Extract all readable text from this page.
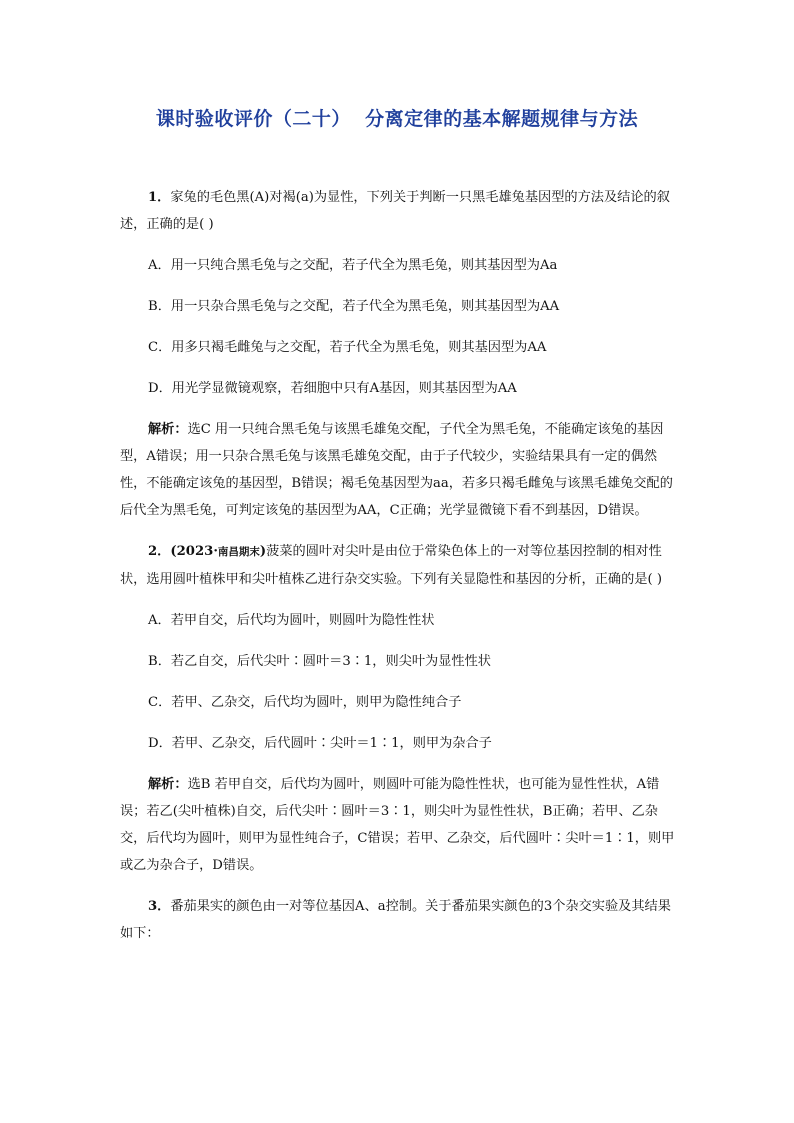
课时验收评价（二十）  分离定律的基本解题规律与方法

1．家兔的毛色黑(A)对褐(a)为显性，下列关于判断一只黑毛雄兔基因型的方法及结论的叙述，正确的是( )

A．用一只纯合黑毛兔与之交配，若子代全为黑毛兔，则其基因型为Aa

B．用一只杂合黑毛兔与之交配，若子代全为黑毛兔，则其基因型为AA

C．用多只褐毛雌兔与之交配，若子代全为黑毛兔，则其基因型为AA

D．用光学显微镜观察，若细胞中只有A基因，则其基因型为AA

解析：选C 用一只纯合黑毛兔与该黑毛雄兔交配，子代全为黑毛兔，不能确定该兔的基因型，A错误；用一只杂合黑毛兔与该黑毛雄兔交配，由于子代较少，实验结果具有一定的偶然性，不能确定该兔的基因型，B错误；褐毛兔基因型为aa，若多只褐毛雌兔与该黑毛雄兔交配的后代全为黑毛兔，可判定该兔的基因型为AA，C正确；光学显微镜下看不到基因，D错误。

2．(2023·南昌期末)菠菜的圆叶对尖叶是由位于常染色体上的一对等位基因控制的相对性状，选用圆叶植株甲和尖叶植株乙进行杂交实验。下列有关显隐性和基因的分析，正确的是( )

A．若甲自交，后代均为圆叶，则圆叶为隐性性状

B．若乙自交，后代尖叶∶圆叶＝3∶1，则尖叶为显性性状

C．若甲、乙杂交，后代均为圆叶，则甲为隐性纯合子

D．若甲、乙杂交，后代圆叶∶尖叶＝1∶1，则甲为杂合子

解析：选B 若甲自交，后代均为圆叶，则圆叶可能为隐性性状，也可能为显性性状，A错误；若乙(尖叶植株)自交，后代尖叶∶圆叶＝3∶1，则尖叶为显性性状，B正确；若甲、乙杂交，后代均为圆叶，则甲为显性纯合子，C错误；若甲、乙杂交，后代圆叶∶尖叶＝1∶1，则甲或乙为杂合子，D错误。

3．番茄果实的颜色由一对等位基因A、a控制。关于番茄果实颜色的3个杂交实验及其结果如下：
